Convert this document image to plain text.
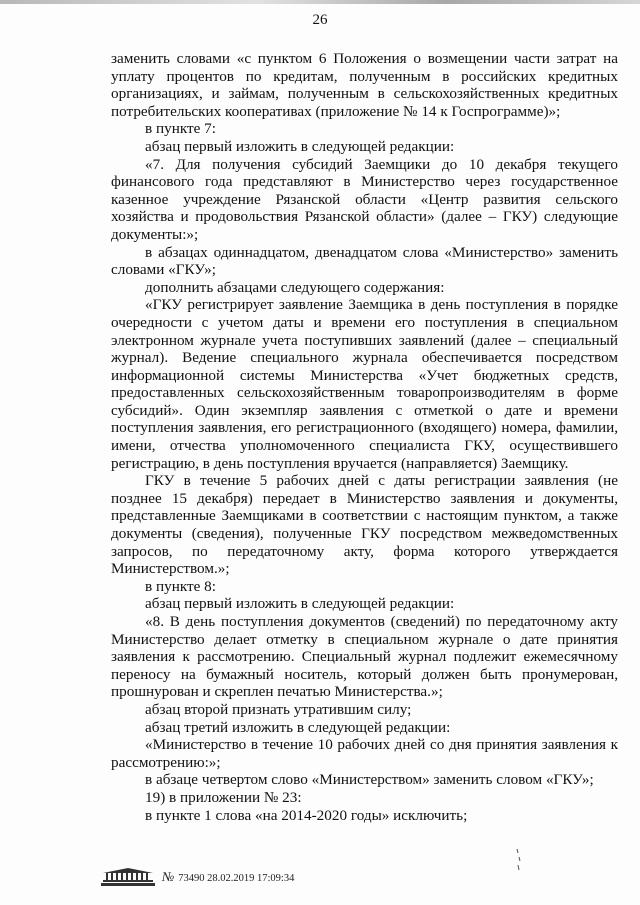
26

заменить словами «с пунктом 6 Положения о возмещении части затрат на уплату процентов по кредитам, полученным в российских кредитных организациях, и займам, полученным в сельскохозяйственных кредитных потребительских кооперативах (приложение № 14 к Госпрограмме)»;

в пункте 7:

абзац первый изложить в следующей редакции:

«7. Для получения субсидий Заемщики до 10 декабря текущего финансового года представляют в Министерство через государственное казенное учреждение Рязанской области «Центр развития сельского хозяйства и продовольствия Рязанской области» (далее – ГКУ) следующие документы:»;

в абзацах одиннадцатом, двенадцатом слова «Министерство» заменить словами «ГКУ»;

дополнить абзацами следующего содержания:

«ГКУ регистрирует заявление Заемщика в день поступления в порядке очередности с учетом даты и времени его поступления в специальном электронном журнале учета поступивших заявлений (далее – специальный журнал). Ведение специального журнала обеспечивается посредством информационной системы Министерства «Учет бюджетных средств, предоставленных сельскохозяйственным товаропроизводителям в форме субсидий». Один экземпляр заявления с отметкой о дате и времени поступления заявления, его регистрационного (входящего) номера, фамилии, имени, отчества уполномоченного специалиста ГКУ, осуществившего регистрацию, в день поступления вручается (направляется) Заемщику.

ГКУ в течение 5 рабочих дней с даты регистрации заявления (не позднее 15 декабря) передает в Министерство заявления и документы, представленные Заемщиками в соответствии с настоящим пунктом, а также документы (сведения), полученные ГКУ посредством межведомственных запросов, по передаточному акту, форма которого утверждается Министерством.»;

в пункте 8:

абзац первый изложить в следующей редакции:

«8. В день поступления документов (сведений) по передаточному акту Министерство делает отметку в специальном журнале о дате принятия заявления к рассмотрению. Специальный журнал подлежит ежемесячному переносу на бумажный носитель, который должен быть пронумерован, прошнурован и скреплен печатью Министерства.»;

абзац второй признать утратившим силу;

абзац третий изложить в следующей редакции:

«Министерство в течение 10 рабочих дней со дня принятия заявления к рассмотрению:»;

в абзаце четвертом слово «Министерством» заменить словом «ГКУ»;

19) в приложении № 23:

в пункте 1 слова «на 2014-2020 годы» исключить;

№ 73490 28.02.2019 17:09:34
